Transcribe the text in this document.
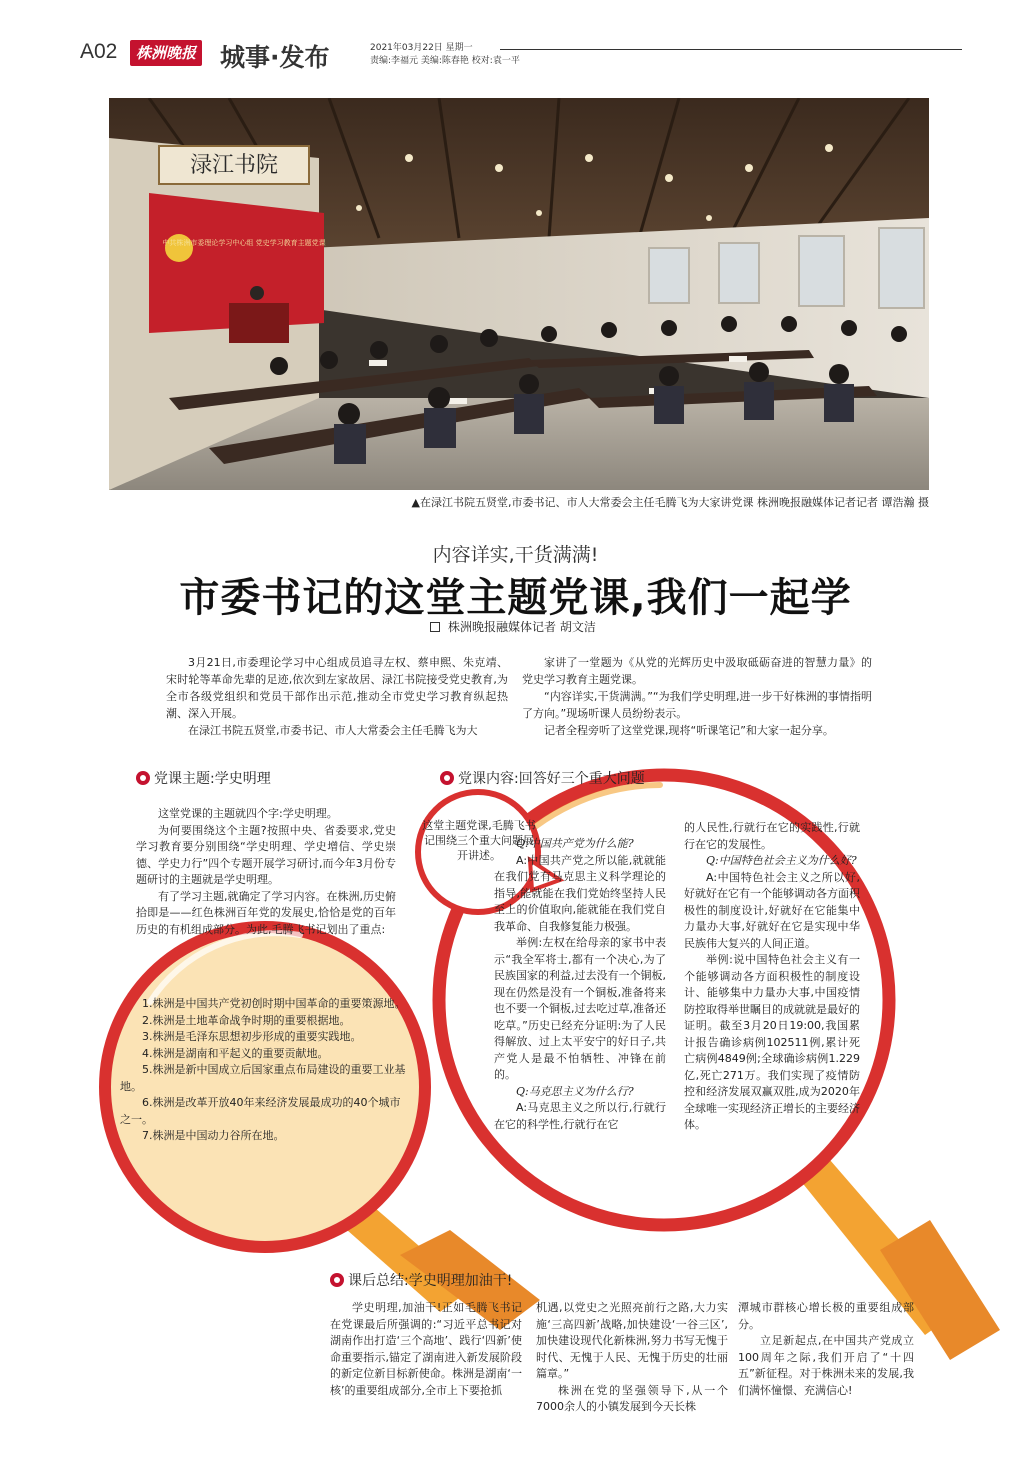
A02	株洲晚报 城事·发布	2021年03月22日 星期一
责编:李福元 美编:陈春艳 校对:袁一平
渌江书院
中共株洲市委理论学习中心组 党史学习教育主题党课
▲在渌江书院五贤堂,市委书记、市人大常委会主任毛腾飞为大家讲党课 株洲晚报融媒体记者记者 谭浩瀚 摄
内容详实,干货满满!
市委书记的这堂主题党课,我们一起学
株洲晚报融媒体记者 胡文洁

3月21日,市委理论学习中心组成员追寻左权、蔡申熙、朱克靖、宋时轮等革命先辈的足迹,依次到左家故居、渌江书院接受党史教育,为全市各级党组织和党员干部作出示范,推动全市党史学习教育纵起热潮、深入开展。

在渌江书院五贤堂,市委书记、市人大常委会主任毛腾飞为大

家讲了一堂题为《从党的光辉历史中汲取砥砺奋进的智慧力量》的党史学习教育主题党课。

“内容详实,干货满满。”“为我们学史明理,进一步干好株洲的事情指明了方向。”现场听课人员纷纷表示。

记者全程旁听了这堂党课,现将“听课笔记”和大家一起分享。

党课主题:学史明理

这堂党课的主题就四个字:学史明理。

为何要围绕这个主题?按照中央、省委要求,党史学习教育要分别围绕“学史明理、学史增信、学史崇德、学史力行”四个专题开展学习研讨,而今年3月份专题研讨的主题就是学史明理。

有了学习主题,就确定了学习内容。在株洲,历史俯拾即是——红色株洲百年党的发展史,恰恰是党的百年历史的有机组成部分。为此,毛腾飞书记划出了重点:

1.株洲是中国共产党初创时期中国革命的重要策源地。

2.株洲是土地革命战争时期的重要根据地。

3.株洲是毛泽东思想初步形成的重要实践地。

4.株洲是湖南和平起义的重要贡献地。

5.株洲是新中国成立后国家重点布局建设的重要工业基地。

6.株洲是改革开放40年来经济发展最成功的40个城市之一。

7.株洲是中国动力谷所在地。

党课内容:回答好三个重大问题
这堂主题党课,毛腾飞书记围绕三个重大问题展开讲述。

Q:中国共产党为什么能?

A:中国共产党之所以能,就就能在我们党有马克思主义科学理论的指导,能就能在我们党始终坚持人民至上的价值取向,能就能在我们党自我革命、自我修复能力极强。

举例:左权在给母亲的家书中表示“我全军将士,都有一个决心,为了民族国家的利益,过去没有一个铜板,现在仍然是没有一个铜板,准备将来也不要一个铜板,过去吃过草,准备还吃草。”历史已经充分证明:为了人民得解放、过上太平安宁的好日子,共产党人是最不怕牺牲、冲锋在前的。

Q:马克思主义为什么行?

A:马克思主义之所以行,行就行在它的科学性,行就行在它

的人民性,行就行在它的实践性,行就行在它的发展性。

Q:中国特色社会主义为什么好?

A:中国特色社会主义之所以好,好就好在它有一个能够调动各方面积极性的制度设计,好就好在它能集中力量办大事,好就好在它是实现中华民族伟大复兴的人间正道。

举例:说中国特色社会主义有一个能够调动各方面积极性的制度设计、能够集中力量办大事,中国疫情防控取得举世瞩目的成就就是最好的证明。截至3月20日19:00,我国累计报告确诊病例102511例,累计死亡病例4849例;全球确诊病例1.229亿,死亡271万。我们实现了疫情防控和经济发展双赢双胜,成为2020年全球唯一实现经济正增长的主要经济体。

课后总结:学史明理加油干!

学史明理,加油干!正如毛腾飞书记在党课最后所强调的:“习近平总书记对湖南作出打造‘三个高地’、践行‘四新’使命重要指示,锚定了湖南进入新发展阶段的新定位新目标新使命。株洲是湖南‘一核’的重要组成部分,全市上下要抢抓

机遇,以党史之光照亮前行之路,大力实施‘三高四新’战略,加快建设‘一谷三区’,加快建设现代化新株洲,努力书写无愧于时代、无愧于人民、无愧于历史的壮丽篇章。”

株洲在党的坚强领导下,从一个7000余人的小镇发展到今天长株

潭城市群核心增长极的重要组成部分。

立足新起点,在中国共产党成立100周年之际,我们开启了“十四五”新征程。对于株洲未来的发展,我们满怀憧憬、充满信心!
